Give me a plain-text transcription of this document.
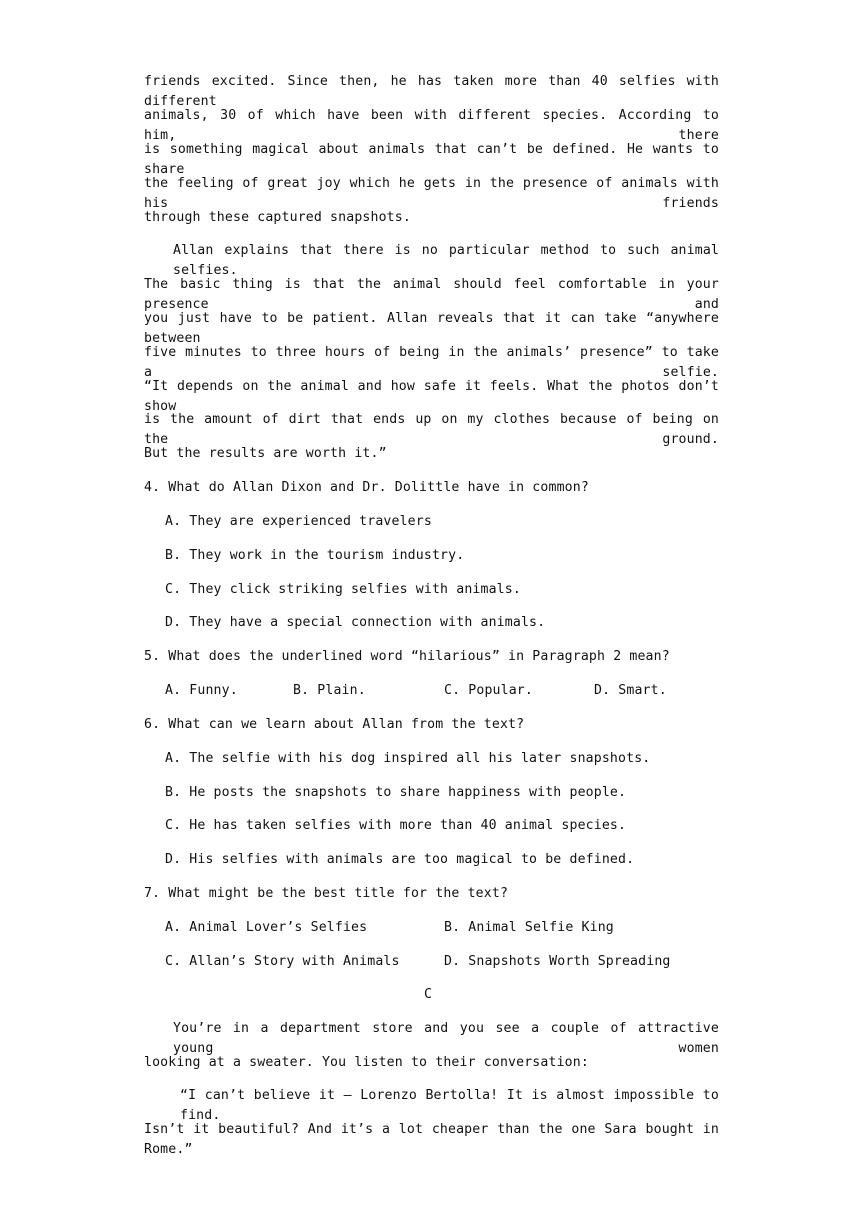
friends excited. Since then, he has taken more than 40 selfies with different
animals, 30 of which have been with different species. According to him, there
is something magical about animals that can’t be defined. He wants to share
the feeling of great joy which he gets in the presence of animals with his friends
through these captured snapshots.
Allan explains that there is no particular method to such animal selfies.
The basic thing is that the animal should feel comfortable in your presence and
you just have to be patient. Allan reveals that it can take “anywhere between
five minutes to three hours of being in the animals’ presence” to take a selfie.
“It depends on the animal and how safe it feels. What the photos don’t show
is the amount of dirt that ends up on my clothes because of being on the ground.
But the results are worth it.”
4. What do Allan Dixon and Dr. Dolittle have in common?
A. They are experienced travelers
B. They work in the tourism industry.
C. They click striking selfies with animals.
D. They have a special connection with animals.
5. What does the underlined word “hilarious” in Paragraph 2 mean?
A. Funny.	B. Plain.	C. Popular.	D. Smart.
6. What can we learn about Allan from the text?
A. The selfie with his dog inspired all his later snapshots.
B. He posts the snapshots to share happiness with people.
C. He has taken selfies with more than 40 animal species.
D. His selfies with animals are too magical to be defined.
7. What might be the best title for the text?
A. Animal Lover’s Selfies	B. Animal Selfie King
C. Allan’s Story with Animals	D. Snapshots Worth Spreading
C
You’re in a department store and you see a couple of attractive young women
looking at a sweater. You listen to their conversation:
“I can’t believe it — Lorenzo Bertolla! It is almost impossible to find.
Isn’t it beautiful? And it’s a lot cheaper than the one Sara bought in Rome.”
